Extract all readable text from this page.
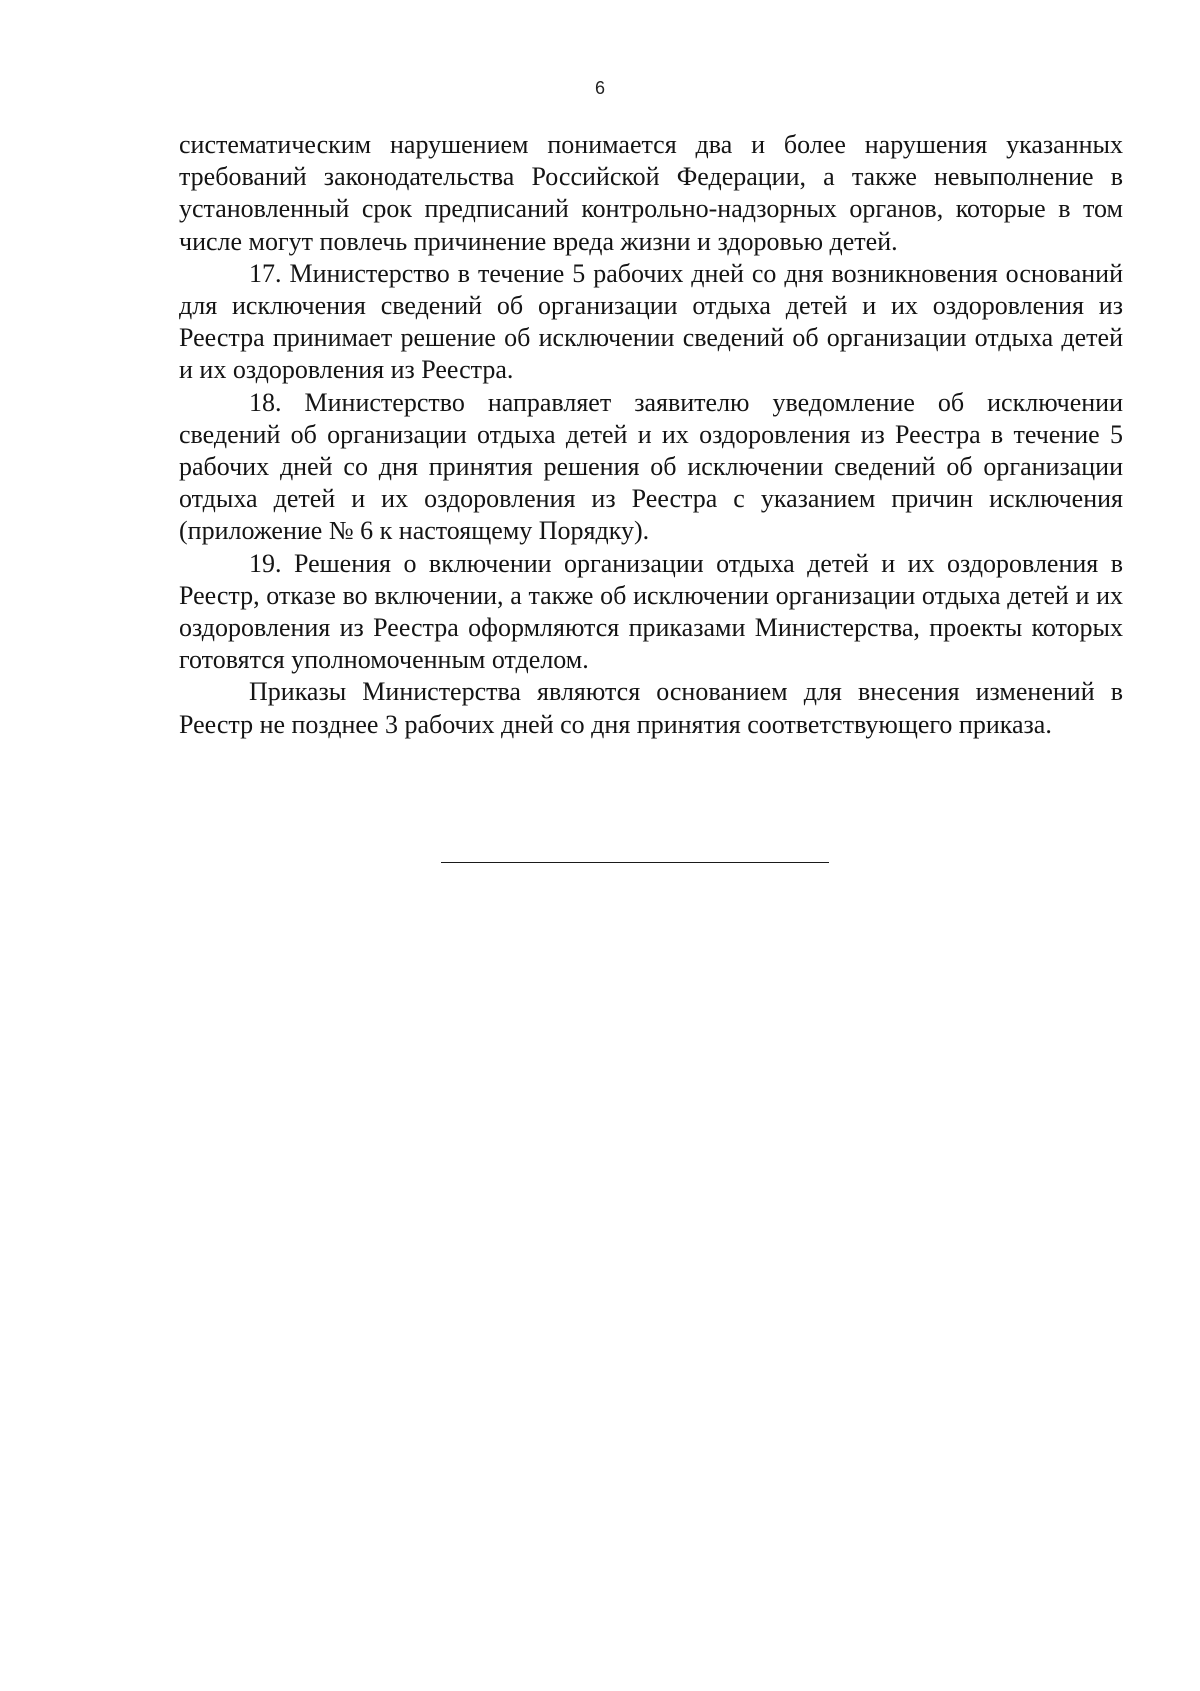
6

систематическим нарушением понимается два и более нарушения указанных требований законодательства Российской Федерации, а также невыполнение в установленный срок предписаний контрольно-надзорных органов, которые в том числе могут повлечь причинение вреда жизни и здоровью детей.

17. Министерство в течение 5 рабочих дней со дня возникновения оснований для исключения сведений об организации отдыха детей и их оздоровления из Реестра принимает решение об исключении сведений об организации отдыха детей и их оздоровления из Реестра.

18. Министерство направляет заявителю уведомление об исключении сведений об организации отдыха детей и их оздоровления из Реестра в течение 5 рабочих дней со дня принятия решения об исключении сведений об организации отдыха детей и их оздоровления из Реестра с указанием причин исключения (приложение № 6 к настоящему Порядку).

19. Решения о включении организации отдыха детей и их оздоровления в Реестр, отказе во включении, а также об исключении организации отдыха детей и их оздоровления из Реестра оформляются приказами Министерства, проекты которых готовятся уполномоченным отделом.

Приказы Министерства являются основанием для внесения изменений в Реестр не позднее 3 рабочих дней со дня принятия соответствующего приказа.
